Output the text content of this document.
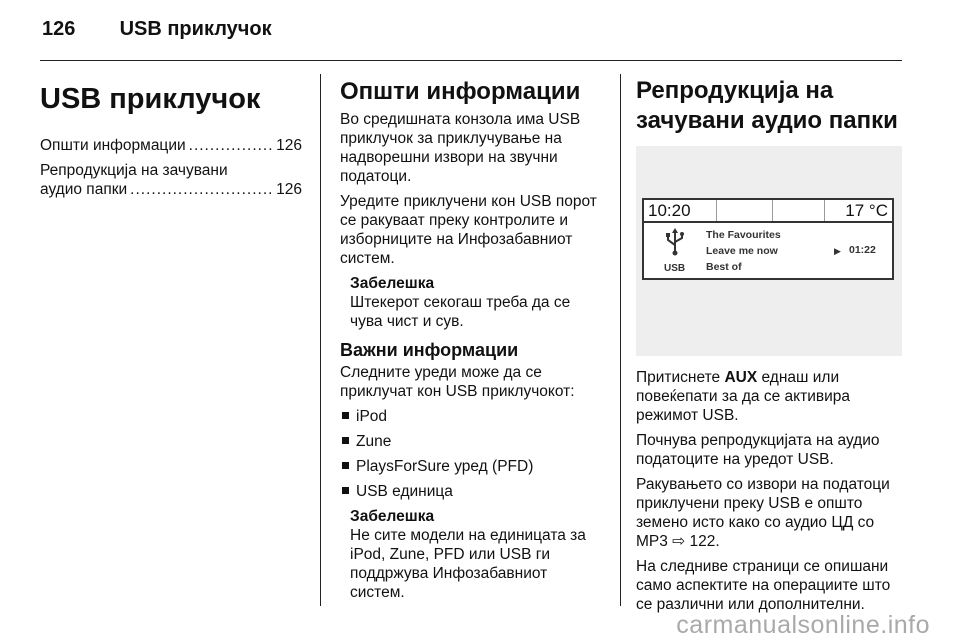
126 USB приклучок
USB приклучок
Општи информации .....	126
Репродукција на зачувани
аудио папки .....	126
Општи информации

Во средишната конзола има USB приклучок за приклучување на надворешни извори на звучни податоци.

Уредите приклучени кон USB порот се ракуваат преку контролите и изборниците на Инфозабавниот систем.

Забелешка

Штекерот секогаш треба да се чува чист и сув.

Важни информации

Следните уреди може да се приклучат кон USB приклучокот:

iPod
Zune
PlaysForSure уред (PFD)
USB единица
Забелешка

Не сите модели на единицата за iPod, Zune, PFD или USB ги поддржува Инфозабавниот систем.

Репродукција на зачувани аудио папки
10:20	17 °C
USB
The Favourites
Leave me now
Best of
▶ 01:22

Притиснете AUX еднаш или повеќепати за да се активира режимот USB.

Почнува репродукцијата на аудио податоците на уредот USB.

Ракувањето со извори на податоци приклучени преку USB е општо земено исто како со аудио ЦД со MP3 ⇨ 122.

На следниве страници се опишани само аспектите на операциите што се различни или дополнителни.

carmanualsonline.info
